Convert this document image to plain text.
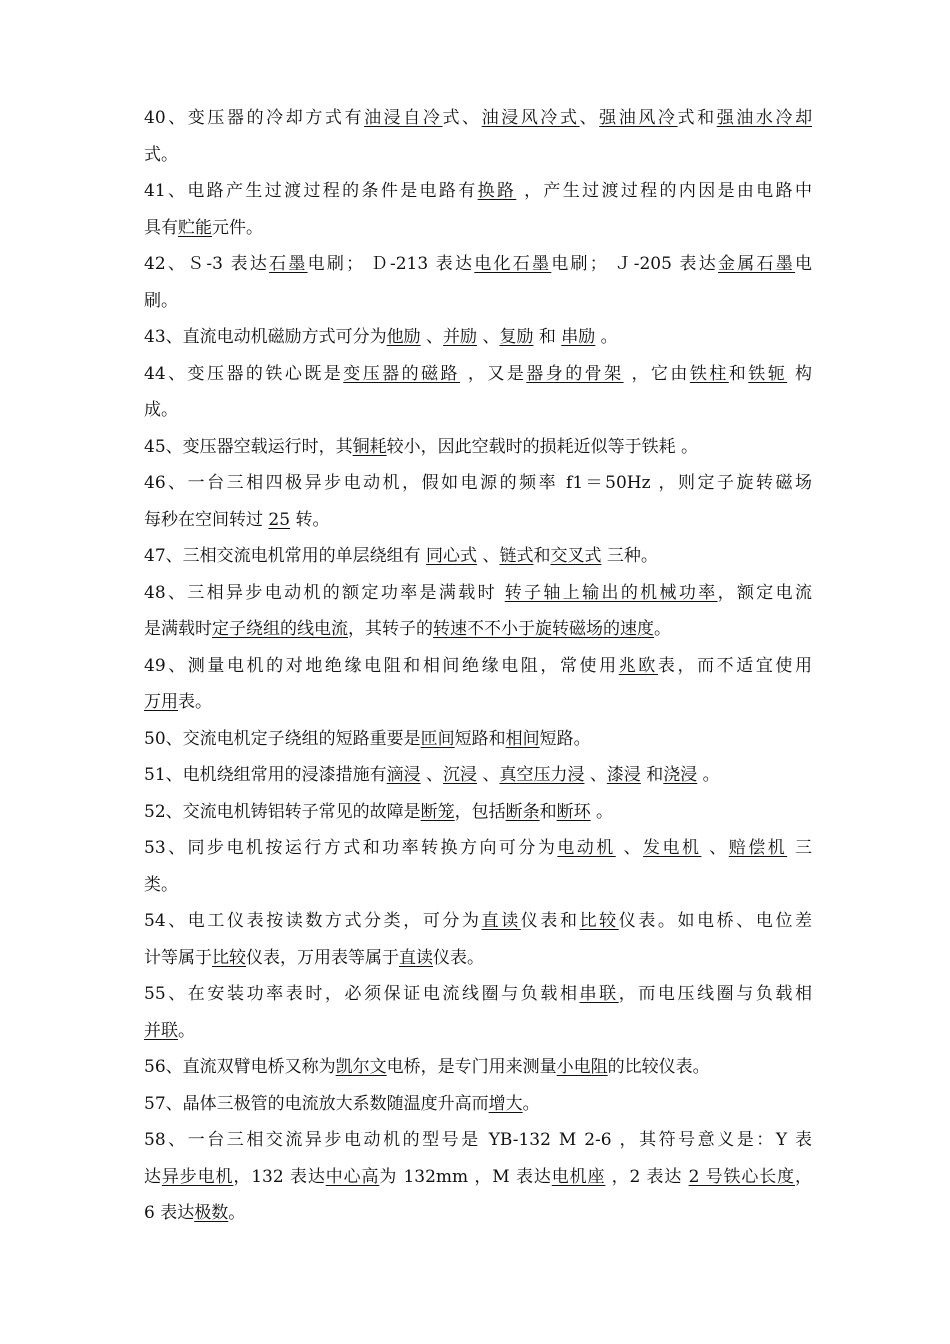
40、变压器的冷却方式有油浸自冷式、油浸风冷式、强油风冷式和强油水冷却
式。
41、电路产生过渡过程的条件是电路有换路 ，产生过渡过程的内因是由电路中
具有贮能元件。
42、Ｓ-3 表达石墨电刷； Ｄ-213 表达电化石墨电刷； Ｊ-205 表达金属石墨电
刷。
43、直流电动机磁励方式可分为他励 、并励 、复励 和 串励 。
44、变压器的铁心既是变压器的磁路 ，又是器身的骨架 ，它由铁柱和铁轭 构
成。
45、变压器空载运行时，其铜耗较小，因此空载时的损耗近似等于铁耗 。
46、一台三相四极异步电动机，假如电源的频率 f1＝50Hz ，则定子旋转磁场
每秒在空间转过 25 转。
47、三相交流电机常用的单层绕组有 同心式 、链式和交叉式 三种。
48、三相异步电动机的额定功率是满载时 转子轴上输出的机械功率，额定电流
是满载时定子绕组的线电流，其转子的转速不不小于旋转磁场的速度。
49、测量电机的对地绝缘电阻和相间绝缘电阻，常使用兆欧表，而不适宜使用
万用表。
50、交流电机定子绕组的短路重要是匝间短路和相间短路。
51、电机绕组常用的浸漆措施有滴浸 、沉浸 、真空压力浸 、漆浸 和浇浸 。
52、交流电机铸铝转子常见的故障是断笼，包括断条和断环 。
53、同步电机按运行方式和功率转换方向可分为电动机 、发电机 、赔偿机 三
类。
54、电工仪表按读数方式分类，可分为直读仪表和比较仪表。如电桥、电位差
计等属于比较仪表，万用表等属于直读仪表。
55、在安装功率表时，必须保证电流线圈与负载相串联，而电压线圈与负载相
并联。
56、直流双臂电桥又称为凯尔文电桥，是专门用来测量小电阻的比较仪表。
57、晶体三极管的电流放大系数随温度升高而增大。
58、一台三相交流异步电动机的型号是 YB-132 M 2-6 ，其符号意义是：Y 表
达异步电机，132 表达中心高为 132mm ，M 表达电机座 ，2 表达 2 号铁心长度，
6 表达极数。
